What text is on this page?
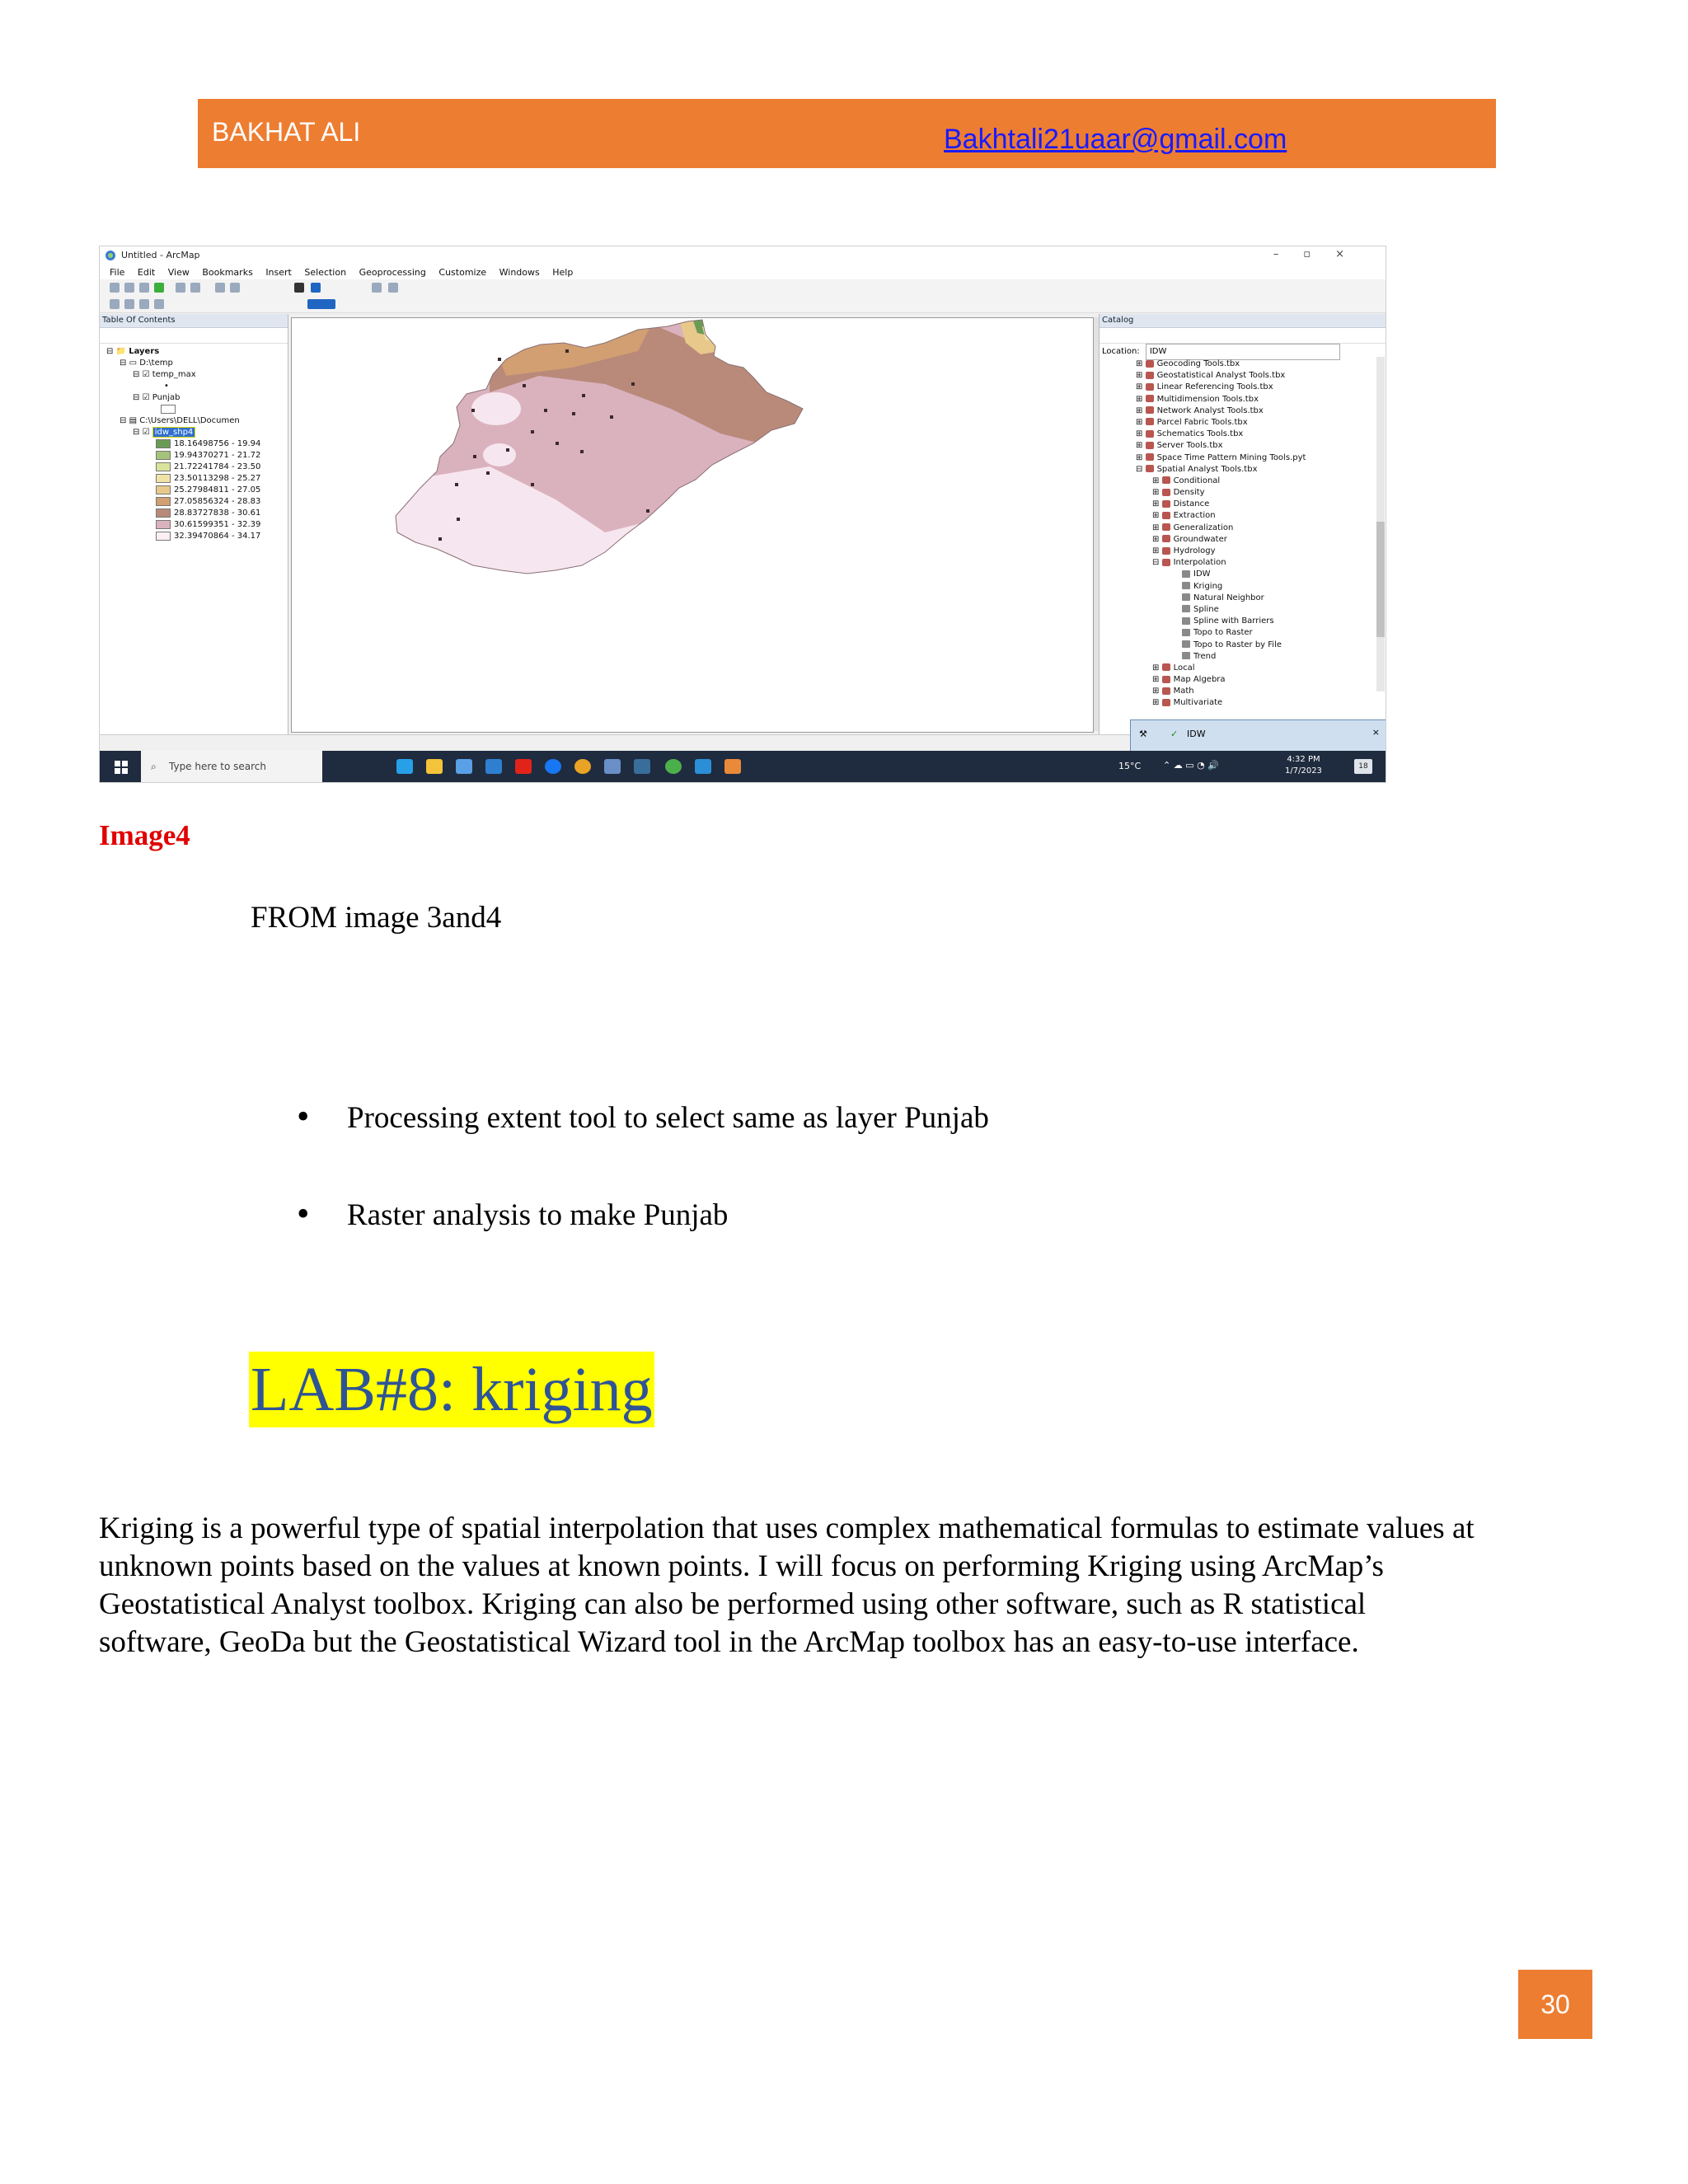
BAKHAT ALI	Bakhtali21uaar@gmail.com
Untitled - ArcMap	–▫×
File Edit View Bookmarks Insert Selection Geoprocessing Customize Windows Help
Table Of Contents
⊟ 📁 Layers
⊟ ▭ D:\temp
⊟ ☑ temp_max
•
⊟ ☑ Punjab
⊟ ▤ C:\Users\DELL\Documen
⊟ ☑ idw_shp4
18.16498756 - 19.94
19.94370271 - 21.72
21.72241784 - 23.50
23.50113298 - 25.27
25.27984811 - 27.05
27.05856324 - 28.83
28.83727838 - 30.61
30.61599351 - 32.39
32.39470864 - 34.17
Catalog
Location: IDW
⊞ Geocoding Tools.tbx
⊞ Geostatistical Analyst Tools.tbx
⊞ Linear Referencing Tools.tbx
⊞ Multidimension Tools.tbx
⊞ Network Analyst Tools.tbx
⊞ Parcel Fabric Tools.tbx
⊞ Schematics Tools.tbx
⊞ Server Tools.tbx
⊞ Space Time Pattern Mining Tools.pyt
⊟ Spatial Analyst Tools.tbx
⊞ Conditional
⊞ Density
⊞ Distance
⊞ Extraction
⊞ Generalization
⊞ Groundwater
⊞ Hydrology
⊟ Interpolation
IDW
Kriging
Natural Neighbor
Spline
Spline with Barriers
Topo to Raster
Topo to Raster by File
Trend
⊞ Local
⊞ Map Algebra
⊞ Math
⊞ Multivariate
⚒	✓ IDW	×
⌕ Type here to search	15°C ⌃ ☁ ▭ ◔ 🔊
4:32 PM
1/7/2023	18
Image4
FROM image 3and4
• Processing extent tool to select same as layer Punjab
• Raster analysis to make Punjab
LAB#8: kriging
Kriging is a powerful type of spatial interpolation that uses complex mathematical formulas to estimate values at unknown points based on the values at known points. I will focus on performing Kriging using ArcMap’s Geostatistical Analyst toolbox. Kriging can also be performed using other software, such as R statistical software, GeoDa but the Geostatistical Wizard tool in the ArcMap toolbox has an easy-to-use interface.
30
